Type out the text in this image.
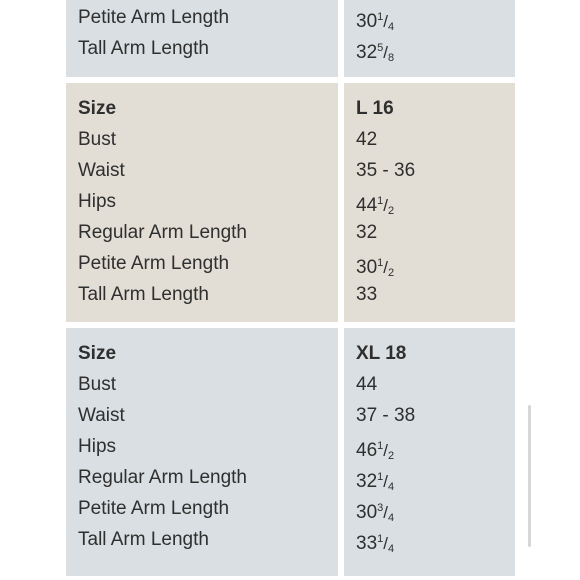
Petite Arm Length
Tall Arm Length
$30^1/_4$
$32^5/_8$
Size
Bust
Waist
Hips
Regular Arm Length
Petite Arm Length
Tall Arm Length
L 16
42
35 - 36
$44^1/_2$
32
$30^1/_2$
33
Size
Bust
Waist
Hips
Regular Arm Length
Petite Arm Length
Tall Arm Length
XL 18
44
37 - 38
$46^1/_2$
$32^1/_4$
$30^3/_4$
$33^1/_4$
